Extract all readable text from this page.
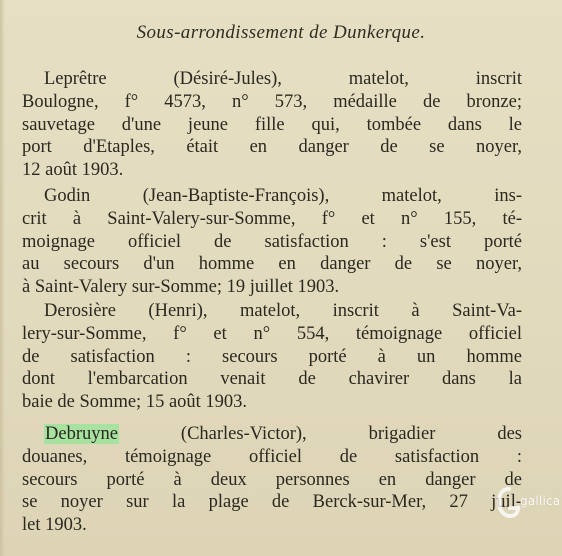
Sous-arrondissement de Dunkerque.
Leprêtre (Désiré-Jules), matelot, inscrit
Boulogne, f° 4573, n° 573, médaille de bronze;
sauvetage d'une jeune fille qui, tombée dans le
port d'Etaples, était en danger de se noyer,
12 août 1903.
Godin (Jean-Baptiste-François), matelot, ins-
crit à Saint-Valery-sur-Somme, f° et n° 155, té-
moignage officiel de satisfaction : s'est porté
au secours d'un homme en danger de se noyer,
à Saint-Valery sur-Somme; 19 juillet 1903.
Derosière (Henri), matelot, inscrit à Saint-Va-
lery-sur-Somme, f° et n° 554, témoignage officiel
de satisfaction : secours porté à un homme
dont l'embarcation venait de chavirer dans la
baie de Somme; 15 août 1903.
Debruyne	(Charles-Victor), brigadier des
douanes, témoignage officiel de satisfaction :
secours porté à deux personnes en danger de
se noyer sur la plage de Berck-sur-Mer, 27 juil-
let 1903.
gallica
